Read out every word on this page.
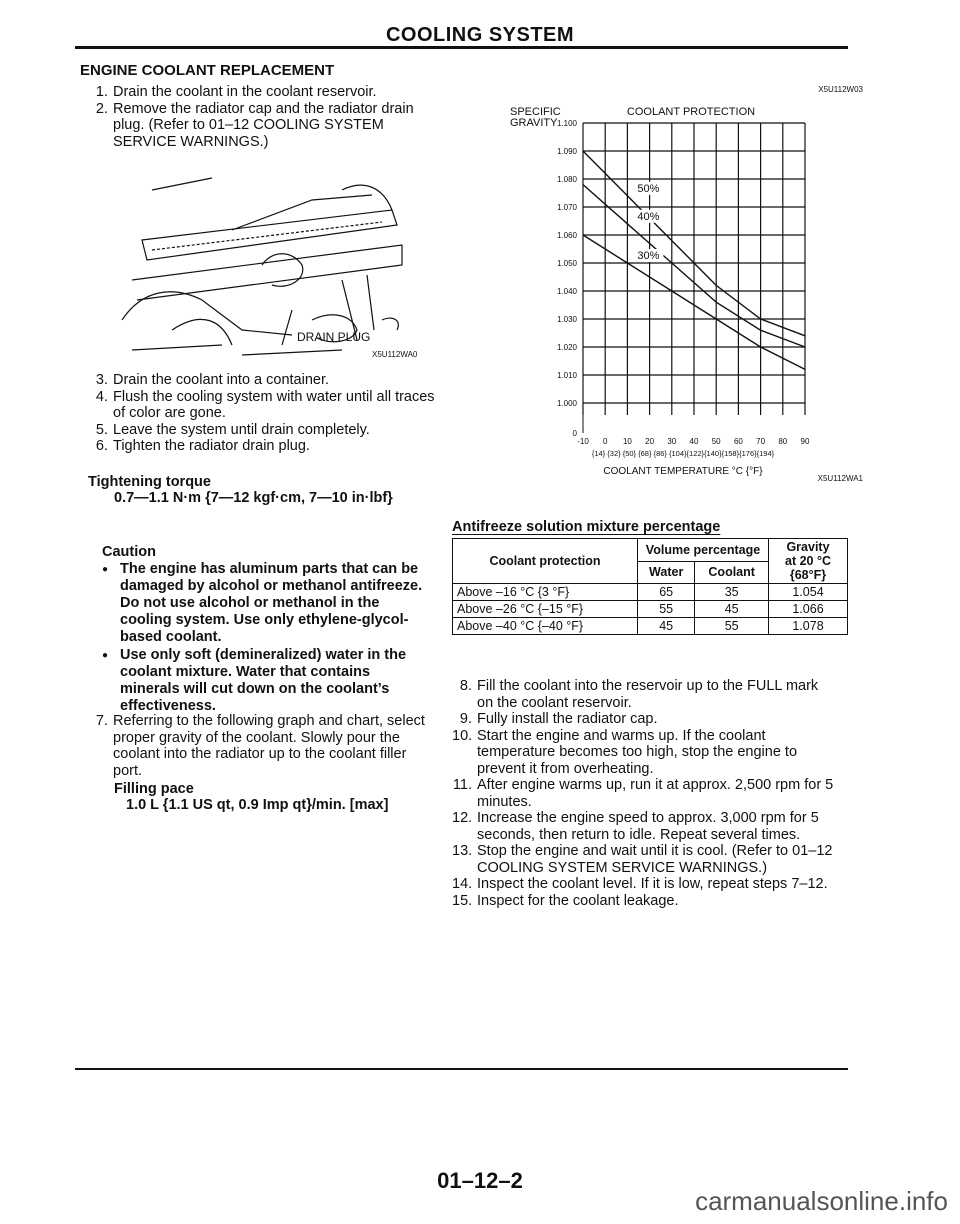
COOLING SYSTEM
ENGINE COOLANT REPLACEMENT
1. Drain the coolant in the coolant reservoir.
2. Remove the radiator cap and the radiator drain plug. (Refer to 01–12 COOLING SYSTEM SERVICE WARNINGS.)
DRAIN PLUG
X5U112WA0
3. Drain the coolant into a container.
4. Flush the cooling system with water until all traces of color are gone.
5. Leave the system until drain completely.
6. Tighten the radiator drain plug.
Tightening torque
0.7—1.1 N·m {7—12 kgf·cm, 7—10 in·lbf}
Caution
● The engine has aluminum parts that can be damaged by alcohol or methanol antifreeze. Do not use alcohol or methanol in the cooling system. Use only ethylene-glycol-based coolant.
● Use only soft (demineralized) water in the coolant mixture. Water that contains minerals will cut down on the coolant’s effectiveness.
7. Referring to the following graph and chart, select proper gravity of the coolant. Slowly pour the coolant into the radiator up to the coolant filler port.
Filling pace
1.0 L {1.1 US qt, 0.9 Imp qt}/min. [max]
X5U112W03
SPECIFIC
GRAVITY
COOLANT PROTECTION
1.100
1.090
1.080
1.070
1.060
1.050
1.040
1.030
1.020
1.010
1.000
0
-10 0 10 20 30 40 50 60 70 80 90
50%
40%
30%
{14} {32} {50} {68} {86} {104}{122}{140}{158}{176}{194}
COOLANT TEMPERATURE °C {°F}
X5U112WA1
Antifreeze solution mixture percentage
Coolant protection	Volume percentage		Gravity
at 20 °C
{68°F}

	Water	Coolant	
Above –16 °C {3 °F}	65	35	1.054
Above –26 °C {–15 °F}	55	45	1.066
Above –40 °C {–40 °F}	45	55	1.078
8. Fill the coolant into the reservoir up to the FULL mark on the coolant reservoir.
9. Fully install the radiator cap.
10. Start the engine and warms up. If the coolant temperature becomes too high, stop the engine to prevent it from overheating.
11. After engine warms up, run it at approx. 2,500 rpm for 5 minutes.
12. Increase the engine speed to approx. 3,000 rpm for 5 seconds, then return to idle. Repeat several times.
13. Stop the engine and wait until it is cool. (Refer to 01–12 COOLING SYSTEM SERVICE WARNINGS.)
14. Inspect the coolant level. If it is low, repeat steps 7–12.
15. Inspect for the coolant leakage.
01–12–2
carmanualsonline.info
